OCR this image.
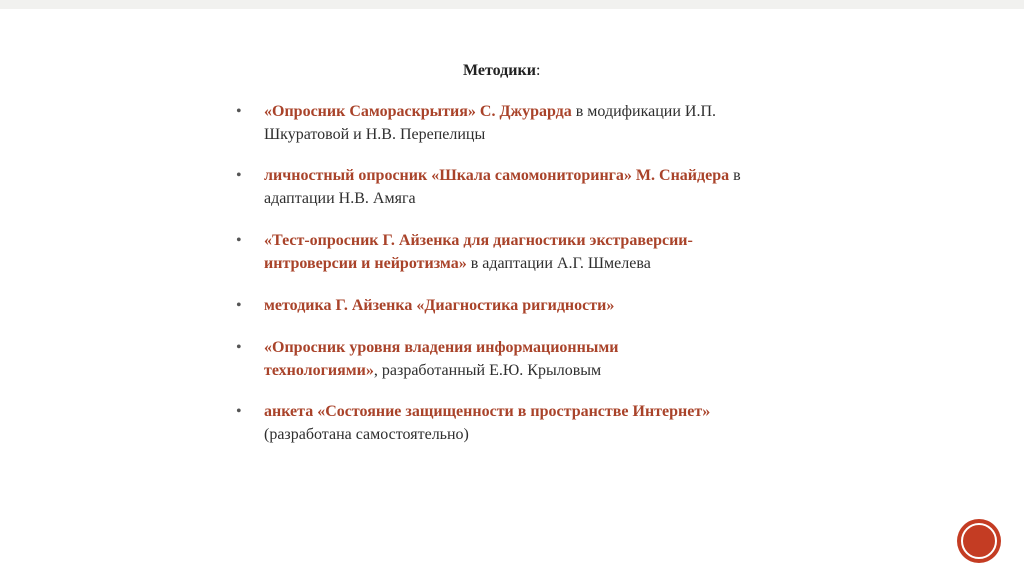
Методики:
• «Опросник Самораскрытия» С. Джурарда в модификации И.П. Шкуратовой и Н.В. Перепелицы
• личностный опросник «Шкала самомониторинга» М. Снайдера в адаптации Н.В. Амяга
• «Тест-опросник Г. Айзенка для диагностики экстраверсии-интроверсии и нейротизма» в адаптации А.Г. Шмелева
• методика Г. Айзенка «Диагностика ригидности»
• «Опросник уровня владения информационными технологиями», разработанный Е.Ю. Крыловым
• анкета «Состояние защищенности в пространстве Интернет» (разработана самостоятельно)
